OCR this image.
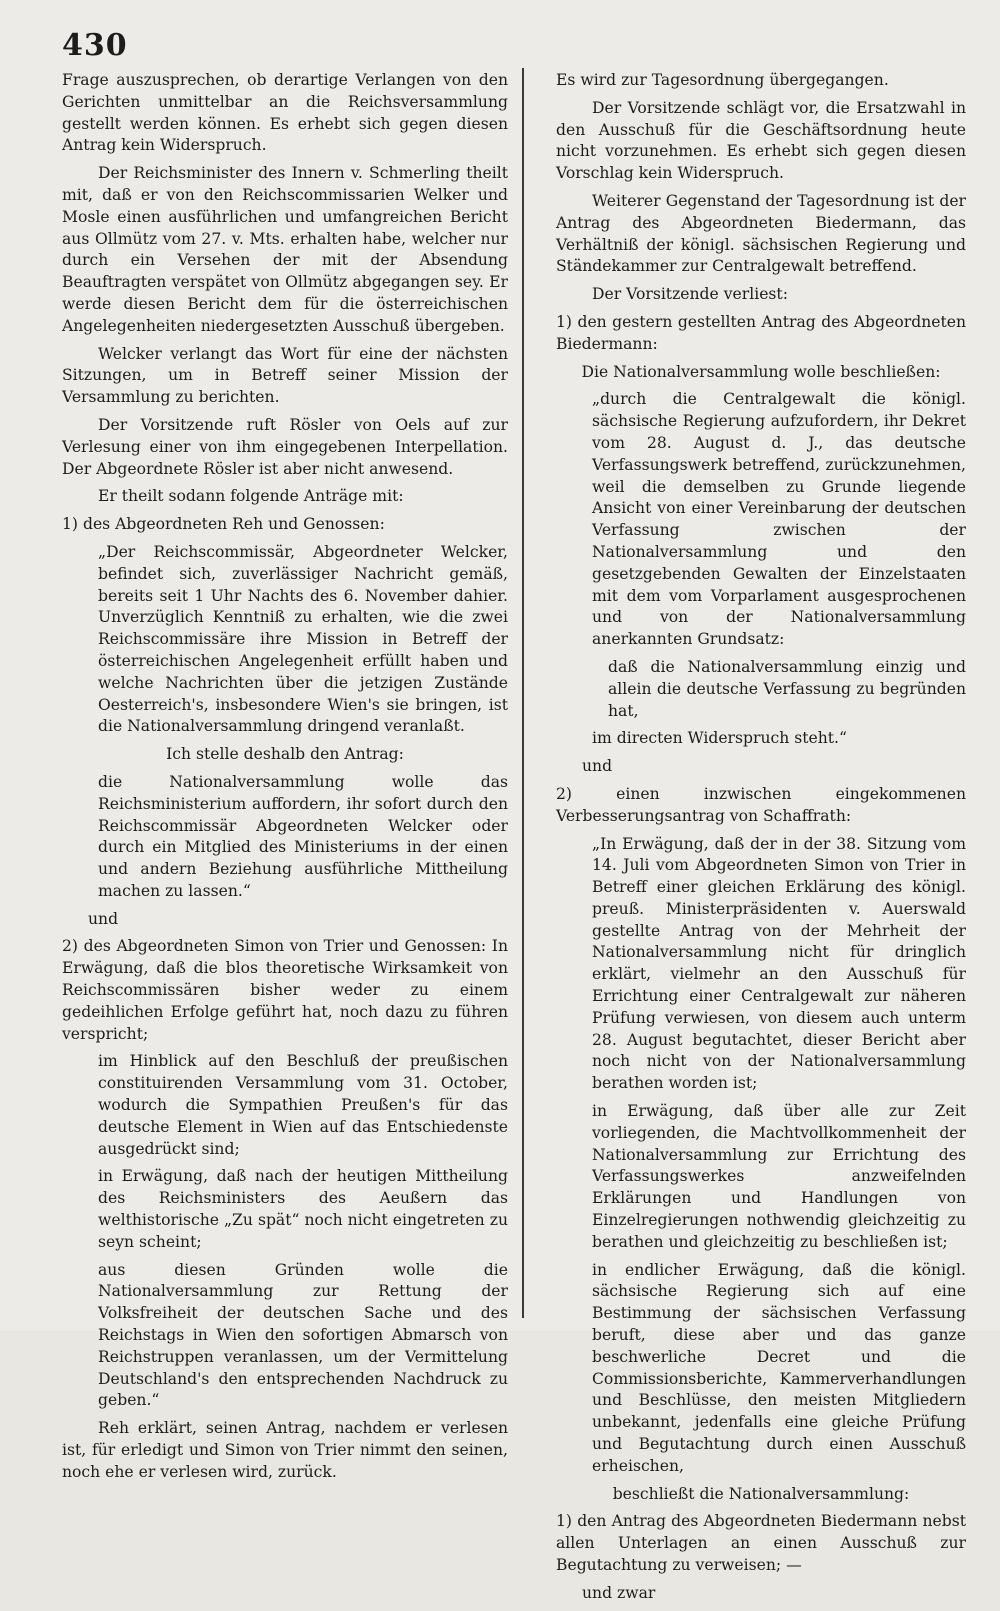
430

Frage auszusprechen, ob derartige Verlangen von den Gerichten unmittelbar an die Reichsversammlung gestellt werden können. Es erhebt sich gegen diesen Antrag kein Widerspruch.

Der Reichsminister des Innern v. Schmerling theilt mit, daß er von den Reichscommissarien Welker und Mosle einen ausführlichen und umfangreichen Bericht aus Ollmütz vom 27. v. Mts. erhalten habe, welcher nur durch ein Versehen der mit der Absendung Beauftragten verspätet von Ollmütz abgegangen sey. Er werde diesen Bericht dem für die österreichischen Angelegenheiten niedergesetzten Ausschuß übergeben.

Welcker verlangt das Wort für eine der nächsten Sitzungen, um in Betreff seiner Mission der Versammlung zu berichten.

Der Vorsitzende ruft Rösler von Oels auf zur Verlesung einer von ihm eingegebenen Interpellation. Der Abgeordnete Rösler ist aber nicht anwesend.

Er theilt sodann folgende Anträge mit:

1) des Abgeordneten Reh und Genossen:

„Der Reichscommissär, Abgeordneter Welcker, befindet sich, zuverlässiger Nachricht gemäß, bereits seit 1 Uhr Nachts des 6. November dahier. Unverzüglich Kenntniß zu erhalten, wie die zwei Reichscommissäre ihre Mission in Betreff der österreichischen Angelegenheit erfüllt haben und welche Nachrichten über die jetzigen Zustände Oesterreich's, insbesondere Wien's sie bringen, ist die Nationalversammlung dringend veranlaßt.

Ich stelle deshalb den Antrag:

die Nationalversammlung wolle das Reichsministerium auffordern, ihr sofort durch den Reichscommissär Abgeordneten Welcker oder durch ein Mitglied des Ministeriums in der einen und andern Beziehung ausführliche Mittheilung machen zu lassen.“

und

2) des Abgeordneten Simon von Trier und Genossen: In Erwägung, daß die blos theoretische Wirksamkeit von Reichscommissären bisher weder zu einem gedeihlichen Erfolge geführt hat, noch dazu zu führen verspricht;

im Hinblick auf den Beschluß der preußischen constituirenden Versammlung vom 31. October, wodurch die Sympathien Preußen's für das deutsche Element in Wien auf das Entschiedenste ausgedrückt sind;

in Erwägung, daß nach der heutigen Mittheilung des Reichsministers des Aeußern das welthistorische „Zu spät“ noch nicht eingetreten zu seyn scheint;

aus diesen Gründen wolle die Nationalversammlung zur Rettung der Volksfreiheit der deutschen Sache und des Reichstags in Wien den sofortigen Abmarsch von Reichstruppen veranlassen, um der Vermittelung Deutschland's den entsprechenden Nachdruck zu geben.“

Reh erklärt, seinen Antrag, nachdem er verlesen ist, für erledigt und Simon von Trier nimmt den seinen, noch ehe er verlesen wird, zurück.

Es wird zur Tagesordnung übergegangen.

Der Vorsitzende schlägt vor, die Ersatzwahl in den Ausschuß für die Geschäftsordnung heute nicht vorzunehmen. Es erhebt sich gegen diesen Vorschlag kein Widerspruch.

Weiterer Gegenstand der Tagesordnung ist der Antrag des Abgeordneten Biedermann, das Verhältniß der königl. sächsischen Regierung und Ständekammer zur Centralgewalt betreffend.

Der Vorsitzende verliest:

1) den gestern gestellten Antrag des Abgeordneten Biedermann:

Die Nationalversammlung wolle beschließen:

„durch die Centralgewalt die königl. sächsische Regierung aufzufordern, ihr Dekret vom 28. August d. J., das deutsche Verfassungswerk betreffend, zurückzunehmen, weil die demselben zu Grunde liegende Ansicht von einer Vereinbarung der deutschen Verfassung zwischen der Nationalversammlung und den gesetzgebenden Gewalten der Einzelstaaten mit dem vom Vorparlament ausgesprochenen und von der Nationalversammlung anerkannten Grundsatz:

daß die Nationalversammlung einzig und allein die deutsche Verfassung zu begründen hat,

im directen Widerspruch steht.“

und

2) einen inzwischen eingekommenen Verbesserungsantrag von Schaffrath:

„In Erwägung, daß der in der 38. Sitzung vom 14. Juli vom Abgeordneten Simon von Trier in Betreff einer gleichen Erklärung des königl. preuß. Ministerpräsidenten v. Auerswald gestellte Antrag von der Mehrheit der Nationalversammlung nicht für dringlich erklärt, vielmehr an den Ausschuß für Errichtung einer Centralgewalt zur näheren Prüfung verwiesen, von diesem auch unterm 28. August begutachtet, dieser Bericht aber noch nicht von der Nationalversammlung berathen worden ist;

in Erwägung, daß über alle zur Zeit vorliegenden, die Machtvollkommenheit der Nationalversammlung zur Errichtung des Verfassungswerkes anzweifelnden Erklärungen und Handlungen von Einzelregierungen nothwendig gleichzeitig zu berathen und gleichzeitig zu beschließen ist;

in endlicher Erwägung, daß die königl. sächsische Regierung sich auf eine Bestimmung der sächsischen Verfassung beruft, diese aber und das ganze beschwerliche Decret und die Commissionsberichte, Kammerverhandlungen und Beschlüsse, den meisten Mitgliedern unbekannt, jedenfalls eine gleiche Prüfung und Begutachtung durch einen Ausschuß erheischen,

beschließt die Nationalversammlung:

1) den Antrag des Abgeordneten Biedermann nebst allen Unterlagen an einen Ausschuß zur Begutachtung zu verweisen; —

und zwar
